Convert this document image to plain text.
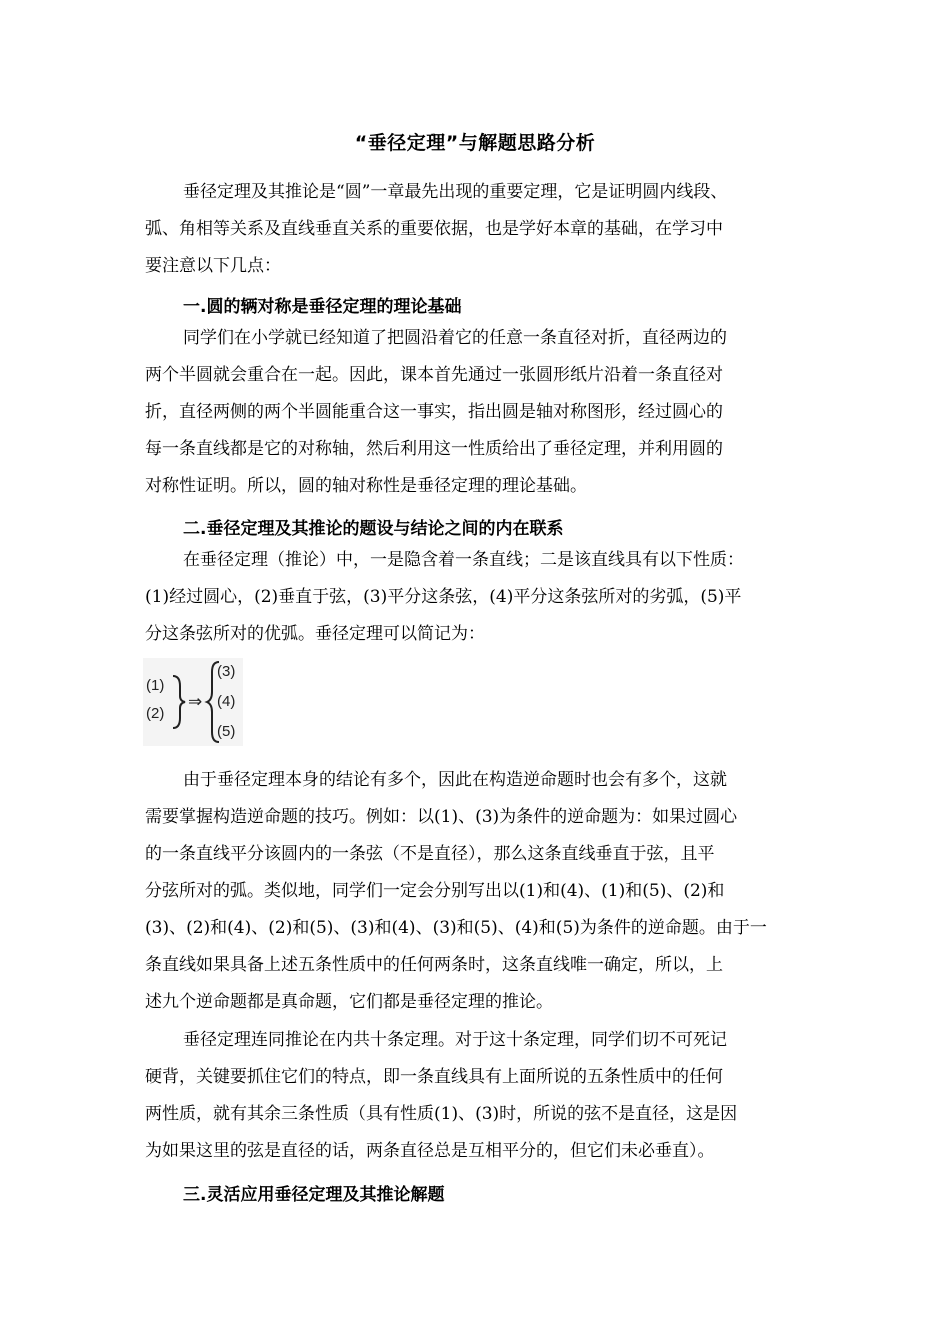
“垂径定理”与解题思路分析
垂径定理及其推论是“圆”一章最先出现的重要定理，它是证明圆内线段、
弧、角相等关系及直线垂直关系的重要依据，也是学好本章的基础，在学习中
要注意以下几点：
一.圆的辆对称是垂径定理的理论基础
同学们在小学就已经知道了把圆沿着它的任意一条直径对折，直径两边的
两个半圆就会重合在一起。因此，课本首先通过一张圆形纸片沿着一条直径对
折，直径两侧的两个半圆能重合这一事实，指出圆是轴对称图形，经过圆心的
每一条直线都是它的对称轴，然后利用这一性质给出了垂径定理，并利用圆的
对称性证明。所以，圆的轴对称性是垂径定理的理论基础。
二.垂径定理及其推论的题设与结论之间的内在联系
在垂径定理（推论）中，一是隐含着一条直线；二是该直线具有以下性质：
(1)经过圆心，(2)垂直于弦，(3)平分这条弦，(4)平分这条弦所对的劣弧，(5)平
分这条弦所对的优弧。垂径定理可以简记为：
(1)
(2)
⇒
(3)
(4)
(5)
由于垂径定理本身的结论有多个，因此在构造逆命题时也会有多个，这就
需要掌握构造逆命题的技巧。例如：以(1)、(3)为条件的逆命题为：如果过圆心
的一条直线平分该圆内的一条弦（不是直径），那么这条直线垂直于弦，且平
分弦所对的弧。类似地，同学们一定会分别写出以(1)和(4)、(1)和(5)、(2)和
(3)、(2)和(4)、(2)和(5)、(3)和(4)、(3)和(5)、(4)和(5)为条件的逆命题。由于一
条直线如果具备上述五条性质中的任何两条时，这条直线唯一确定，所以，上
述九个逆命题都是真命题，它们都是垂径定理的推论。
垂径定理连同推论在内共十条定理。对于这十条定理，同学们切不可死记
硬背，关键要抓住它们的特点，即一条直线具有上面所说的五条性质中的任何
两性质，就有其余三条性质（具有性质(1)、(3)时，所说的弦不是直径，这是因
为如果这里的弦是直径的话，两条直径总是互相平分的，但它们未必垂直）。
三.灵活应用垂径定理及其推论解题
